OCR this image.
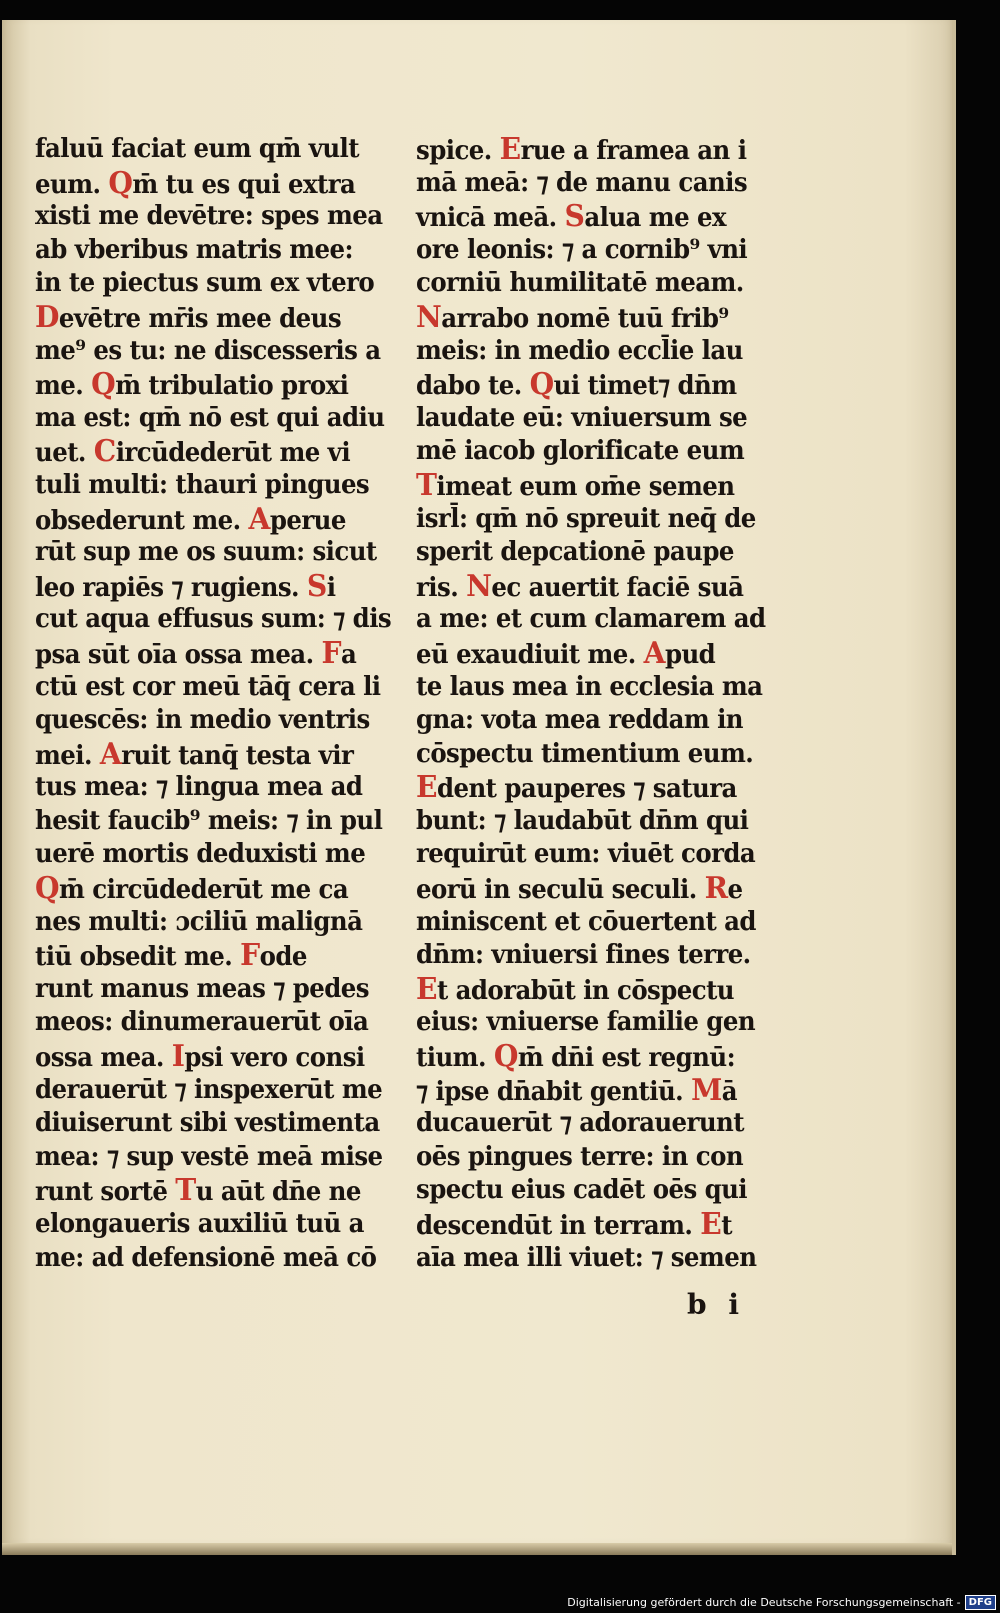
faluū faciat eum qm̄ vult
eum. Qm̄ tu es qui extra
xisti me devētre: spes mea
ab vberibus matris mee:
in te piectus sum ex vtero
Devētre mr̄is mee deus
me⁹ es tu: ne discesseris a
me. Qm̄ tribulatio proxi
ma est: qm̄ nō est qui adiu
uet. Circūdederūt me vi
tuli multi: thauri pingues
obsederunt me. Aperue
rūt sup me os suum: sicut
leo rapiēs ⁊ rugiens. Si
cut aqua effusus sum: ⁊ dis
psa sūt oīa ossa mea. Fa
ctū est cor meū tāq̄ cera li
quescēs: in medio ventris
mei. Aruit tanq̄ testa vir
tus mea: ⁊ lingua mea ad
hesit faucib⁹ meis: ⁊ in pul
uerē mortis deduxisti me
Qm̄ circūdederūt me ca
nes multi: ɔciliū malignā
tiū obsedit me. Fode
runt manus meas ⁊ pedes
meos: dinumerauerūt oīa
ossa mea. Ipsi vero consi
derauerūt ⁊ inspexerūt me
diuiserunt sibi vestimenta
mea: ⁊ sup vestē meā mise
runt sortē Tu aūt dn̄e ne
elongaueris auxiliū tuū a
me: ad defensionē meā cō
spice. Erue a framea an i
mā meā: ⁊ de manu canis
vnicā meā. Salua me ex
ore leonis: ⁊ a cornib⁹ vni
corniū humilitatē meam.
Narrabo nomē tuū frib⁹
meis: in medio eccl̄ie lau
dabo te. Qui timet⁊ dn̄m
laudate eū: vniuersum se
mē iacob glorificate eum
Timeat eum om̄e semen
isrl̄: qm̄ nō spreuit neq̄ de
sperit depcationē paupe
ris. Nec auertit faciē suā
a me: et cum clamarem ad
eū exaudiuit me. Apud
te laus mea in ecclesia ma
gna: vota mea reddam in
cōspectu timentium eum.
Edent pauperes ⁊ satura
bunt: ⁊ laudabūt dn̄m qui
requirūt eum: viuēt corda
eorū in seculū seculi. Re
miniscent et cōuertent ad
dn̄m: vniuersi fines terre.
Et adorabūt in cōspectu
eius: vniuerse familie gen
tium. Qm̄ dn̄i est regnū:
⁊ ipse dn̄abit gentiū. Mā
ducauerūt ⁊ adorauerunt
oēs pingues terre: in con
spectu eius cadēt oēs qui
descendūt in terram. Et
aīa mea illi viuet: ⁊ semen
b i
Digitalisierung gefördert durch die Deutsche Forschungsgemeinschaft - DFG
